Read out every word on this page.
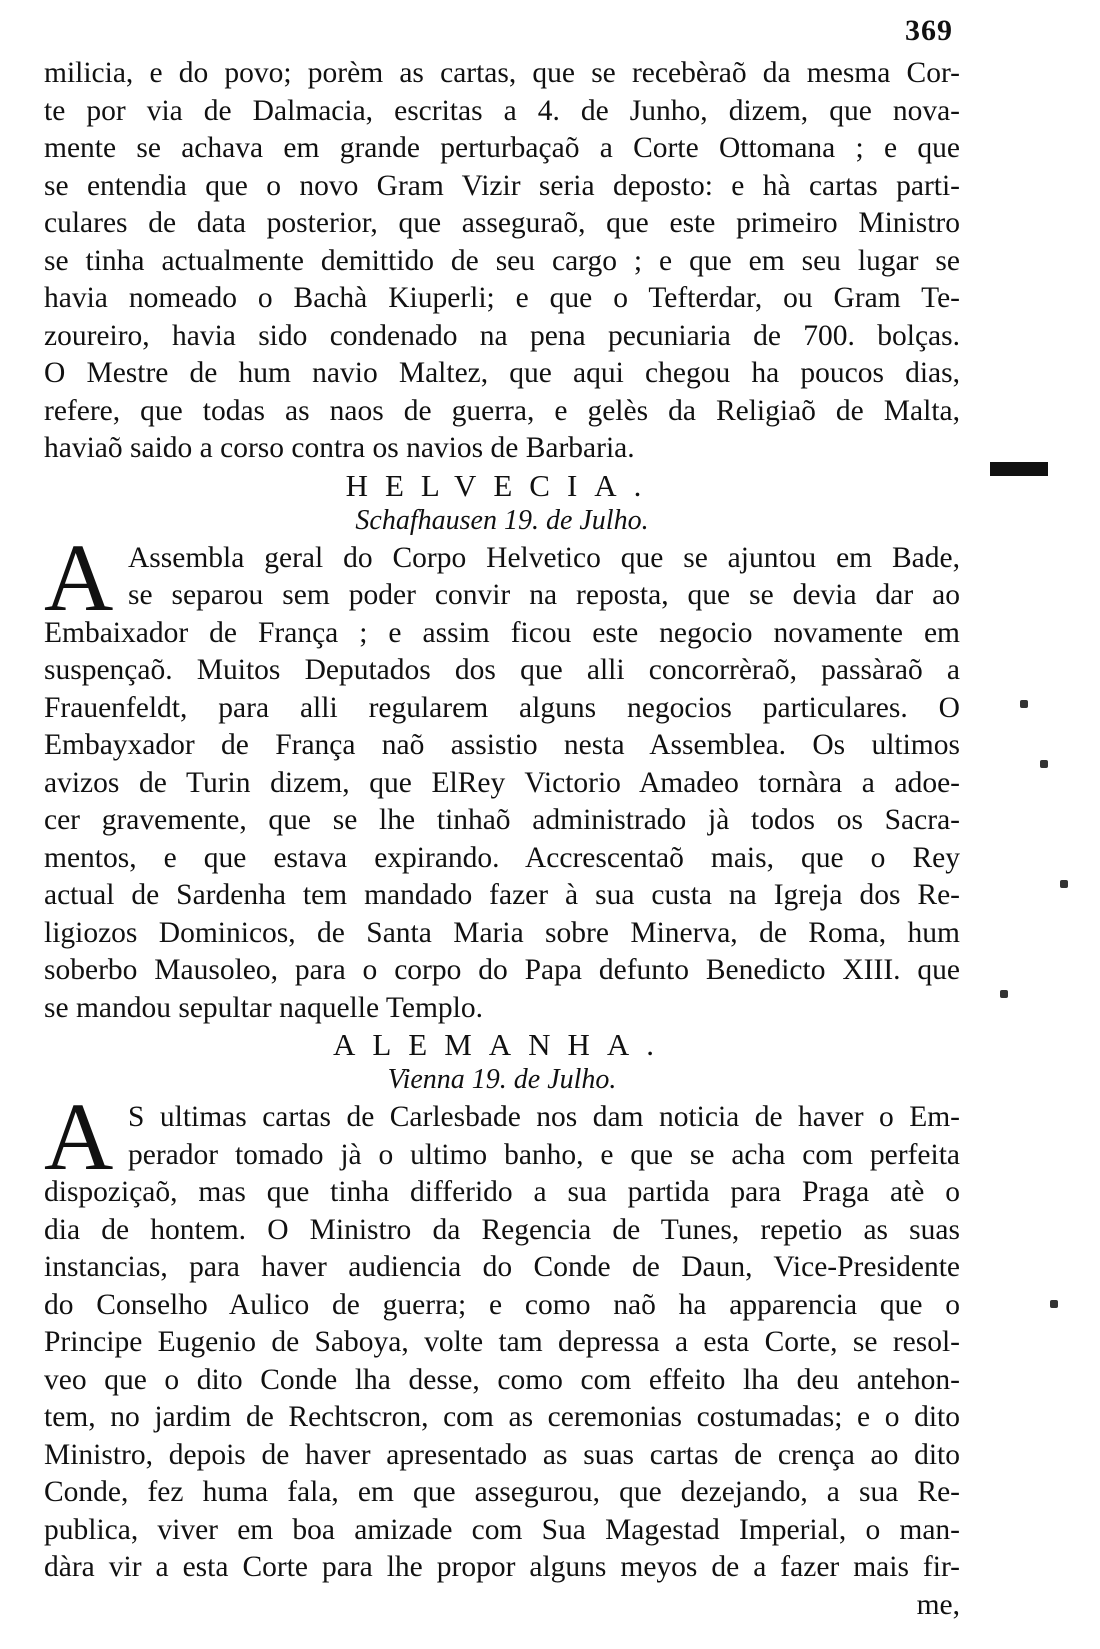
369
milicia, e do povo; porèm as cartas, que se recebèraõ da mesma Cor-
te por via de Dalmacia, escritas a 4. de Junho, dizem, que nova-
mente se achava em grande perturbaçaõ a Corte Ottomana ; e que
se entendia que o novo Gram Vizir seria deposto: e hà cartas parti-
culares de data posterior, que asseguraõ, que este primeiro Ministro
se tinha actualmente demittido de seu cargo ; e que em seu lugar se
havia nomeado o Bachà Kiuperli; e que o Tefterdar, ou Gram Te-
zoureiro, havia sido condenado na pena pecuniaria de 700. bolças.
O Mestre de hum navio Maltez, que aqui chegou ha poucos dias,
refere, que todas as naos de guerra, e gelès da Religiaõ de Malta,
haviaõ saido a corso contra os navios de Barbaria.
HELVECIA.
Schafhausen 19. de Julho.
A Assembla geral do Corpo Helvetico que se ajuntou em Bade,
se separou sem poder convir na reposta, que se devia dar ao
Embaixador de França ; e assim ficou este negocio novamente em
suspençaõ. Muitos Deputados dos que alli concorrèraõ, passàraõ a
Frauenfeldt, para alli regularem alguns negocios particulares. O
Embayxador de França naõ assistio nesta Assemblea. Os ultimos
avizos de Turin dizem, que ElRey Victorio Amadeo tornàra a adoe-
cer gravemente, que se lhe tinhaõ administrado jà todos os Sacra-
mentos, e que estava expirando. Accrescentaõ mais, que o Rey
actual de Sardenha tem mandado fazer à sua custa na Igreja dos Re-
ligiozos Dominicos, de Santa Maria sobre Minerva, de Roma, hum
soberbo Mausoleo, para o corpo do Papa defunto Benedicto XIII. que
se mandou sepultar naquelle Templo.
ALEMANHA.
Vienna 19. de Julho.
A S ultimas cartas de Carlesbade nos dam noticia de haver o Em-
perador tomado jà o ultimo banho, e que se acha com perfeita
dispoziçaõ, mas que tinha differido a sua partida para Praga atè o
dia de hontem. O Ministro da Regencia de Tunes, repetio as suas
instancias, para haver audiencia do Conde de Daun, Vice-Presidente
do Conselho Aulico de guerra; e como naõ ha apparencia que o
Principe Eugenio de Saboya, volte tam depressa a esta Corte, se resol-
veo que o dito Conde lha desse, como com effeito lha deu antehon-
tem, no jardim de Rechtscron, com as ceremonias costumadas; e o dito
Ministro, depois de haver apresentado as suas cartas de crença ao dito
Conde, fez huma fala, em que assegurou, que dezejando, a sua Re-
publica, viver em boa amizade com Sua Magestad Imperial, o man-
dàra vir a esta Corte para lhe propor alguns meyos de a fazer mais fir-
me,
